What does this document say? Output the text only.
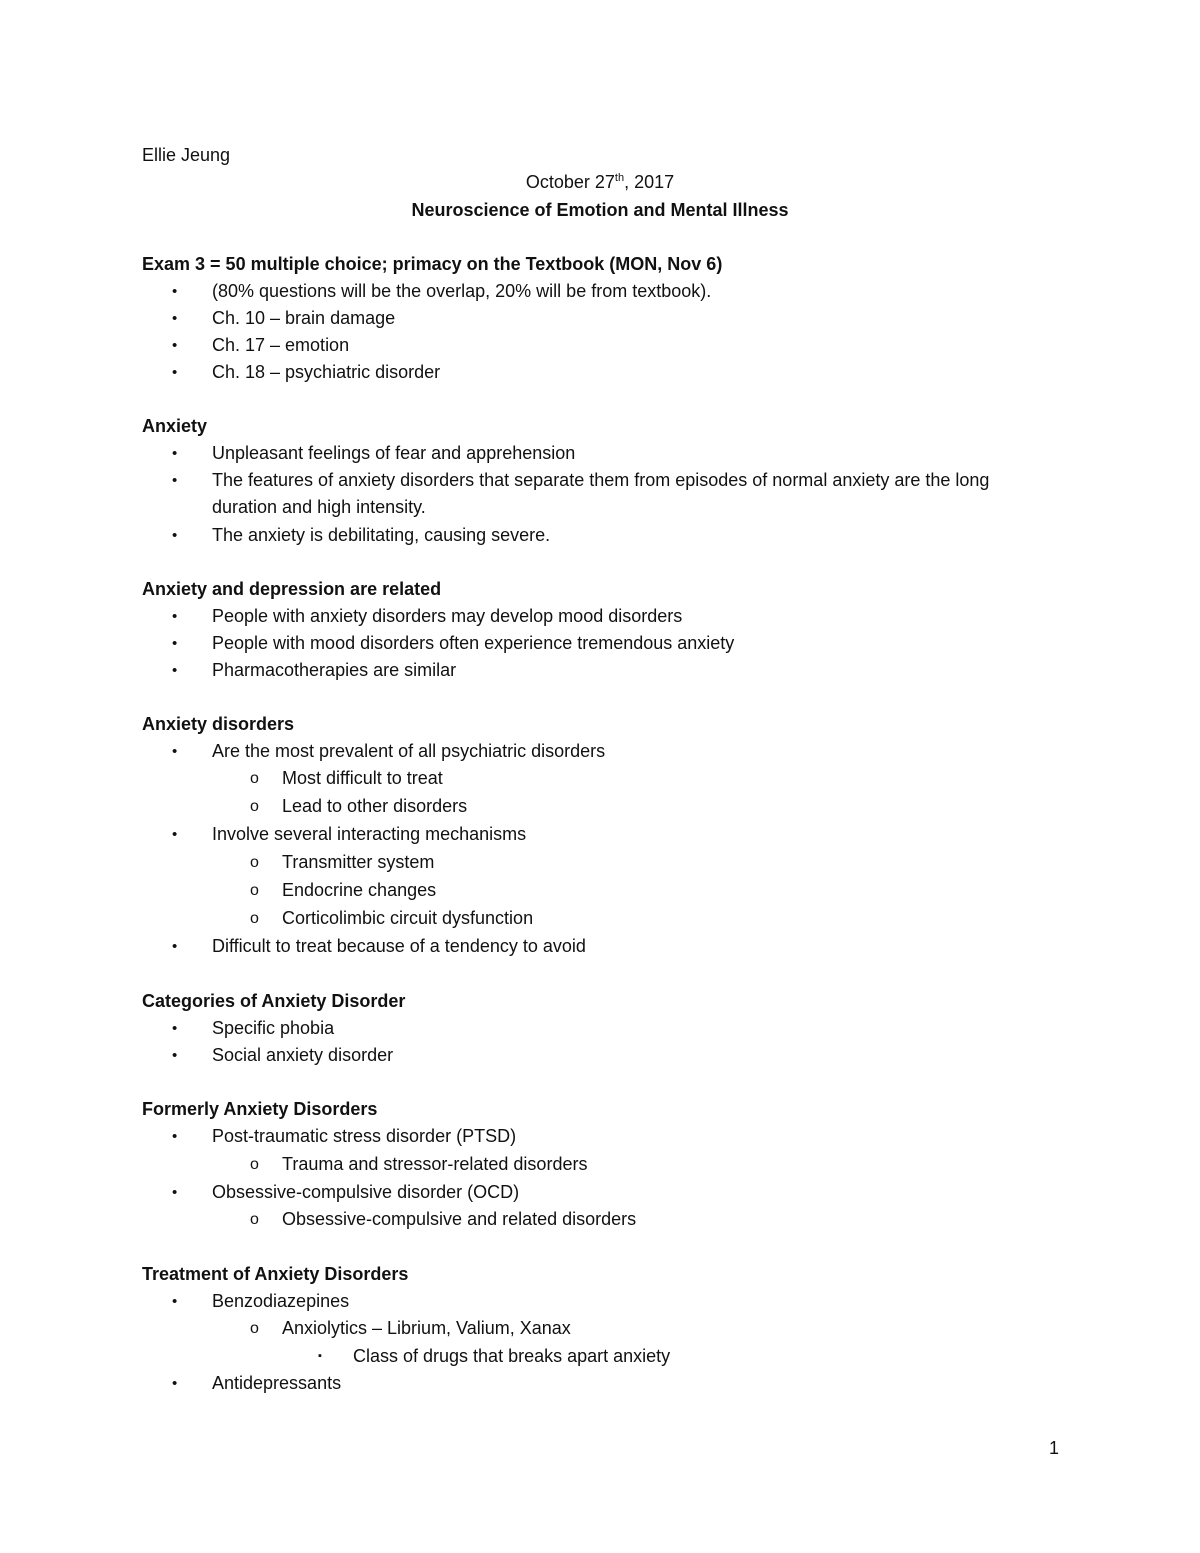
Ellie Jeung
October 27th, 2017
Neuroscience of Emotion and Mental Illness
Exam 3 = 50 multiple choice; primacy on the Textbook (MON, Nov 6)
• (80% questions will be the overlap, 20% will be from textbook).
• Ch. 10 – brain damage
• Ch. 17 – emotion
• Ch. 18 – psychiatric disorder
Anxiety
• Unpleasant feelings of fear and apprehension
• The features of anxiety disorders that separate them from episodes of normal anxiety are the long duration and high intensity.
• The anxiety is debilitating, causing severe.
Anxiety and depression are related
• People with anxiety disorders may develop mood disorders
• People with mood disorders often experience tremendous anxiety
• Pharmacotherapies are similar
Anxiety disorders
• Are the most prevalent of all psychiatric disorders
o Most difficult to treat
o Lead to other disorders
• Involve several interacting mechanisms
o Transmitter system
o Endocrine changes
o Corticolimbic circuit dysfunction
• Difficult to treat because of a tendency to avoid
Categories of Anxiety Disorder
• Specific phobia
• Social anxiety disorder
Formerly Anxiety Disorders
• Post-traumatic stress disorder (PTSD)
o Trauma and stressor-related disorders
• Obsessive-compulsive disorder (OCD)
o Obsessive-compulsive and related disorders
Treatment of Anxiety Disorders
• Benzodiazepines
o Anxiolytics – Librium, Valium, Xanax
▪ Class of drugs that breaks apart anxiety
• Antidepressants
1
